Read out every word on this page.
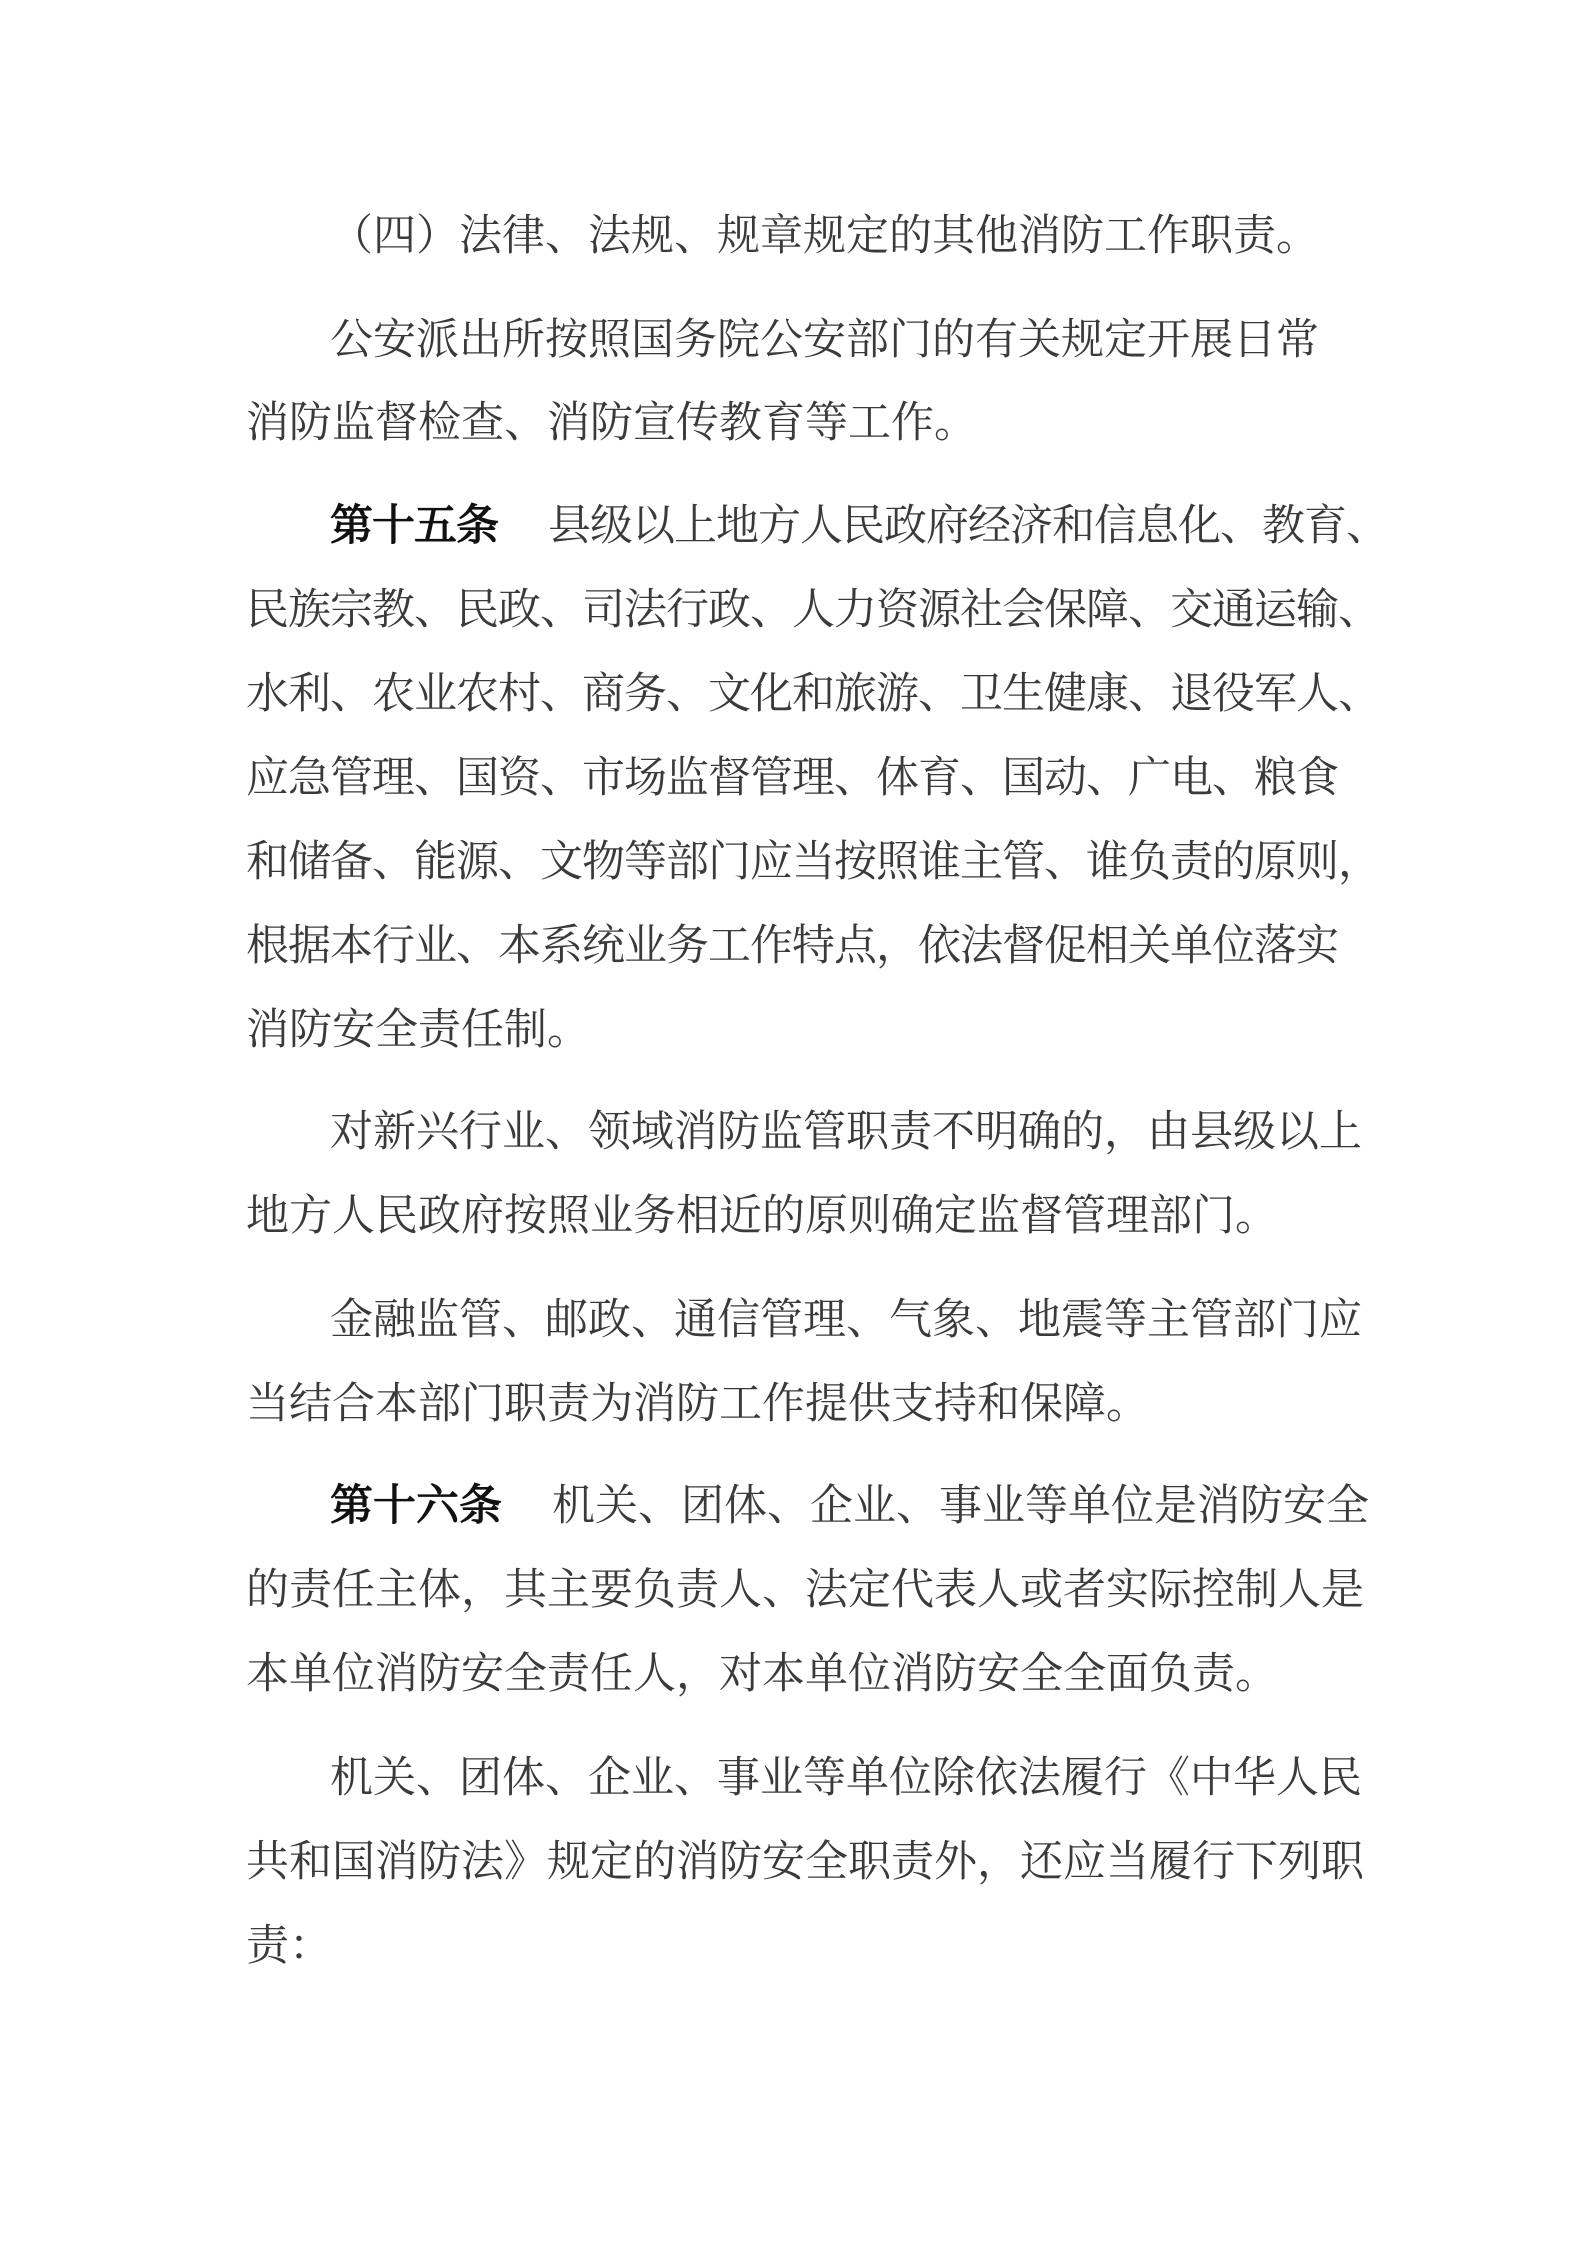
（四）法律、法规、规章规定的其他消防工作职责。

公安派出所按照国务院公安部门的有关规定开展日常

消防监督检查、消防宣传教育等工作。

第十五条 县级以上地方人民政府经济和信息化、教育、

民族宗教、民政、司法行政、人力资源社会保障、交通运输、

水利、农业农村、商务、文化和旅游、卫生健康、退役军人、

应急管理、国资、市场监督管理、体育、国动、广电、粮食

和储备、能源、文物等部门应当按照谁主管、谁负责的原则，

根据本行业、本系统业务工作特点，依法督促相关单位落实

消防安全责任制。

对新兴行业、领域消防监管职责不明确的，由县级以上

地方人民政府按照业务相近的原则确定监督管理部门。

金融监管、邮政、通信管理、气象、地震等主管部门应

当结合本部门职责为消防工作提供支持和保障。

第十六条 机关、团体、企业、事业等单位是消防安全

的责任主体，其主要负责人、法定代表人或者实际控制人是

本单位消防安全责任人，对本单位消防安全全面负责。

机关、团体、企业、事业等单位除依法履行《中华人民

共和国消防法》规定的消防安全职责外，还应当履行下列职

责：
